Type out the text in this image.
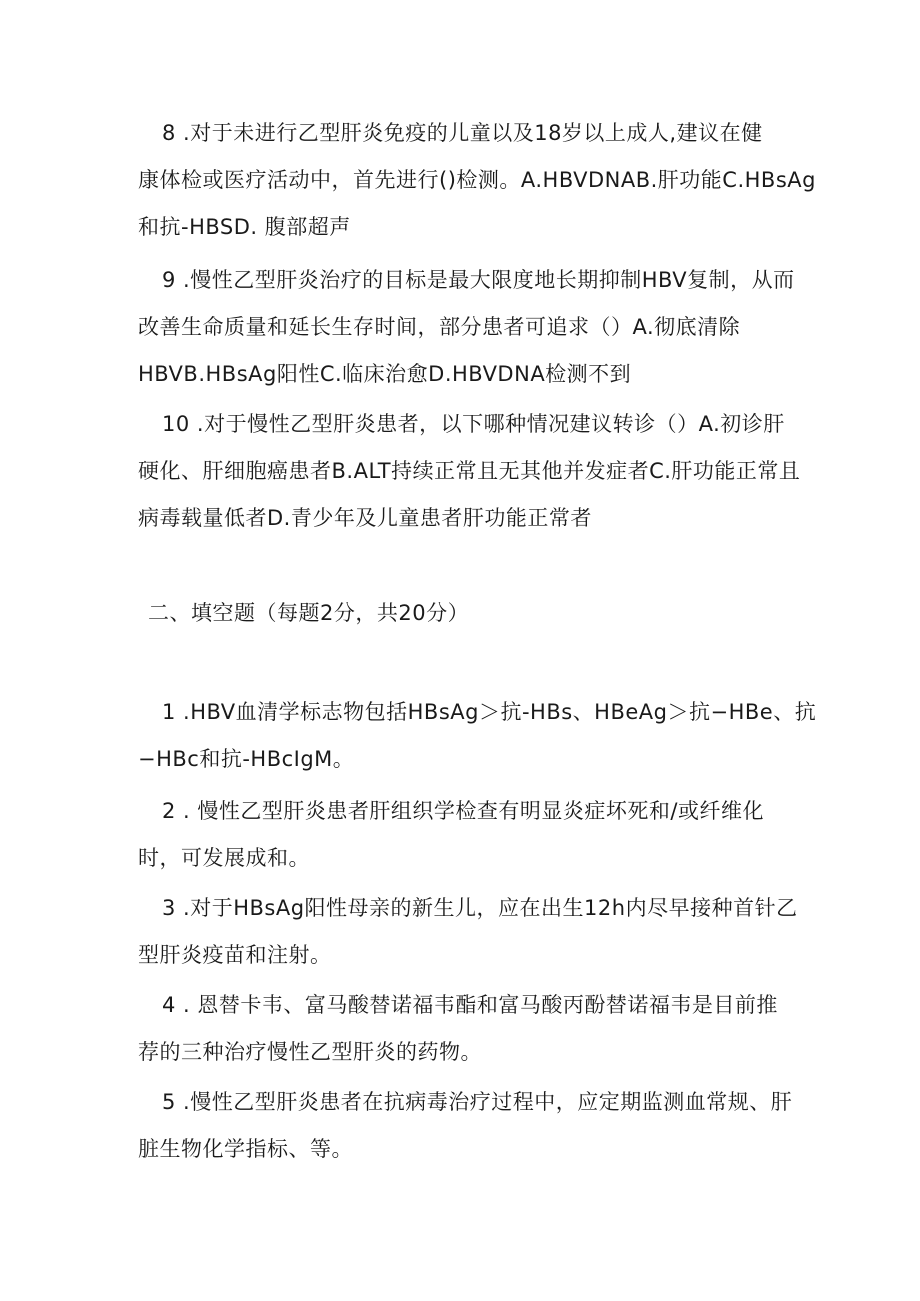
8 .对于未进行乙型肝炎免疫的儿童以及18岁以上成人,建议在健
康体检或医疗活动中，首先进行()检测。A.HBVDNAB.肝功能C.HBsAg
和抗-HBSD. 腹部超声
9 .慢性乙型肝炎治疗的目标是最大限度地长期抑制HBV复制，从而
改善生命质量和延长生存时间，部分患者可追求（）A.彻底清除
HBVB.HBsAg阳性C.临床治愈D.HBVDNA检测不到
10 .对于慢性乙型肝炎患者，以下哪种情况建议转诊（）A.初诊肝
硬化、肝细胞癌患者B.ALT持续正常且无其他并发症者C.肝功能正常且
病毒载量低者D.青少年及儿童患者肝功能正常者
二、填空题（每题2分，共20分）
1 .HBV血清学标志物包括HBsAg＞抗-HBs、HBeAg＞抗−HBe、抗
−HBc和抗-HBcIgM。
2 . 慢性乙型肝炎患者肝组织学检查有明显炎症坏死和/或纤维化
时，可发展成和。
3 .对于HBsAg阳性母亲的新生儿，应在出生12h内尽早接种首针乙
型肝炎疫苗和注射。
4 . 恩替卡韦、富马酸替诺福韦酯和富马酸丙酚替诺福韦是目前推
荐的三种治疗慢性乙型肝炎的药物。
5 .慢性乙型肝炎患者在抗病毒治疗过程中，应定期监测血常规、肝
脏生物化学指标、等。
